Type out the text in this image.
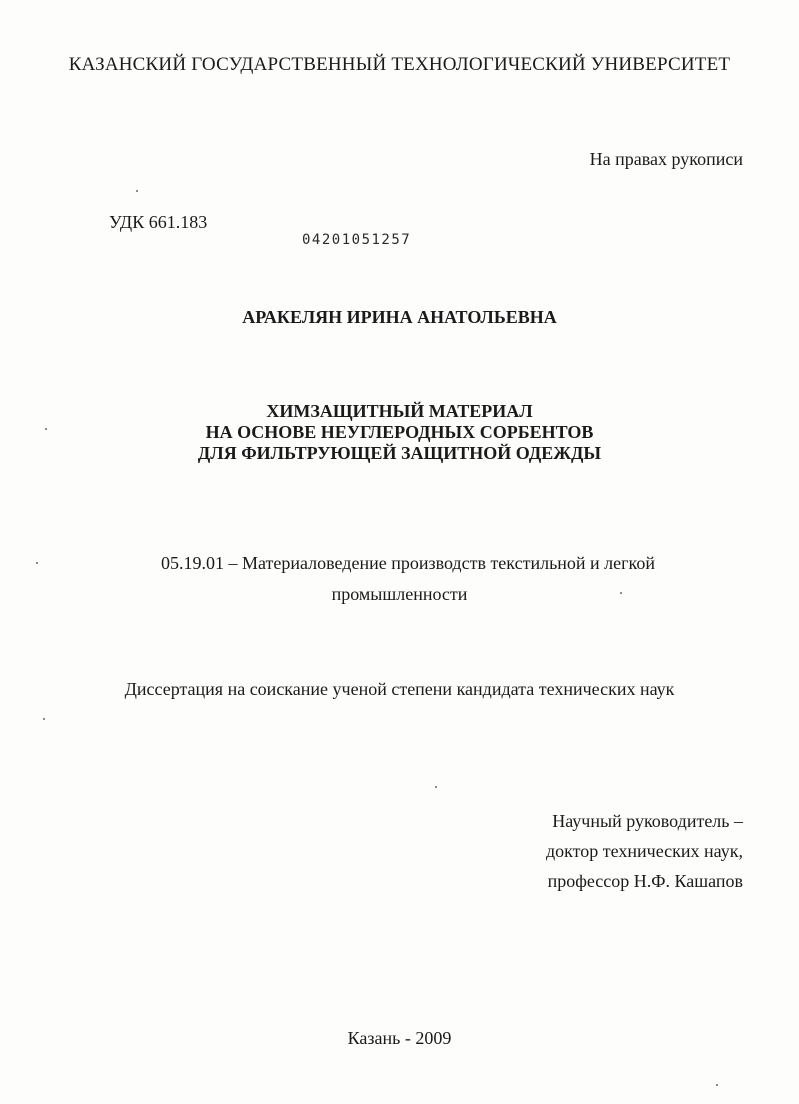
КАЗАНСКИЙ ГОСУДАРСТВЕННЫЙ ТЕХНОЛОГИЧЕСКИЙ УНИВЕРСИТЕТ
На правах рукописи
УДК 661.183
04201051257
АРАКЕЛЯН ИРИНА АНАТОЛЬЕВНА
ХИМЗАЩИТНЫЙ МАТЕРИАЛ
НА ОСНОВЕ НЕУГЛЕРОДНЫХ СОРБЕНТОВ
ДЛЯ ФИЛЬТРУЮЩЕЙ ЗАЩИТНОЙ ОДЕЖДЫ
05.19.01 – Материаловедение производств текстильной и легкой
промышленности
Диссертация на соискание ученой степени кандидата технических наук
Научный руководитель –
доктор технических наук,
профессор Н.Ф. Кашапов
Казань - 2009
